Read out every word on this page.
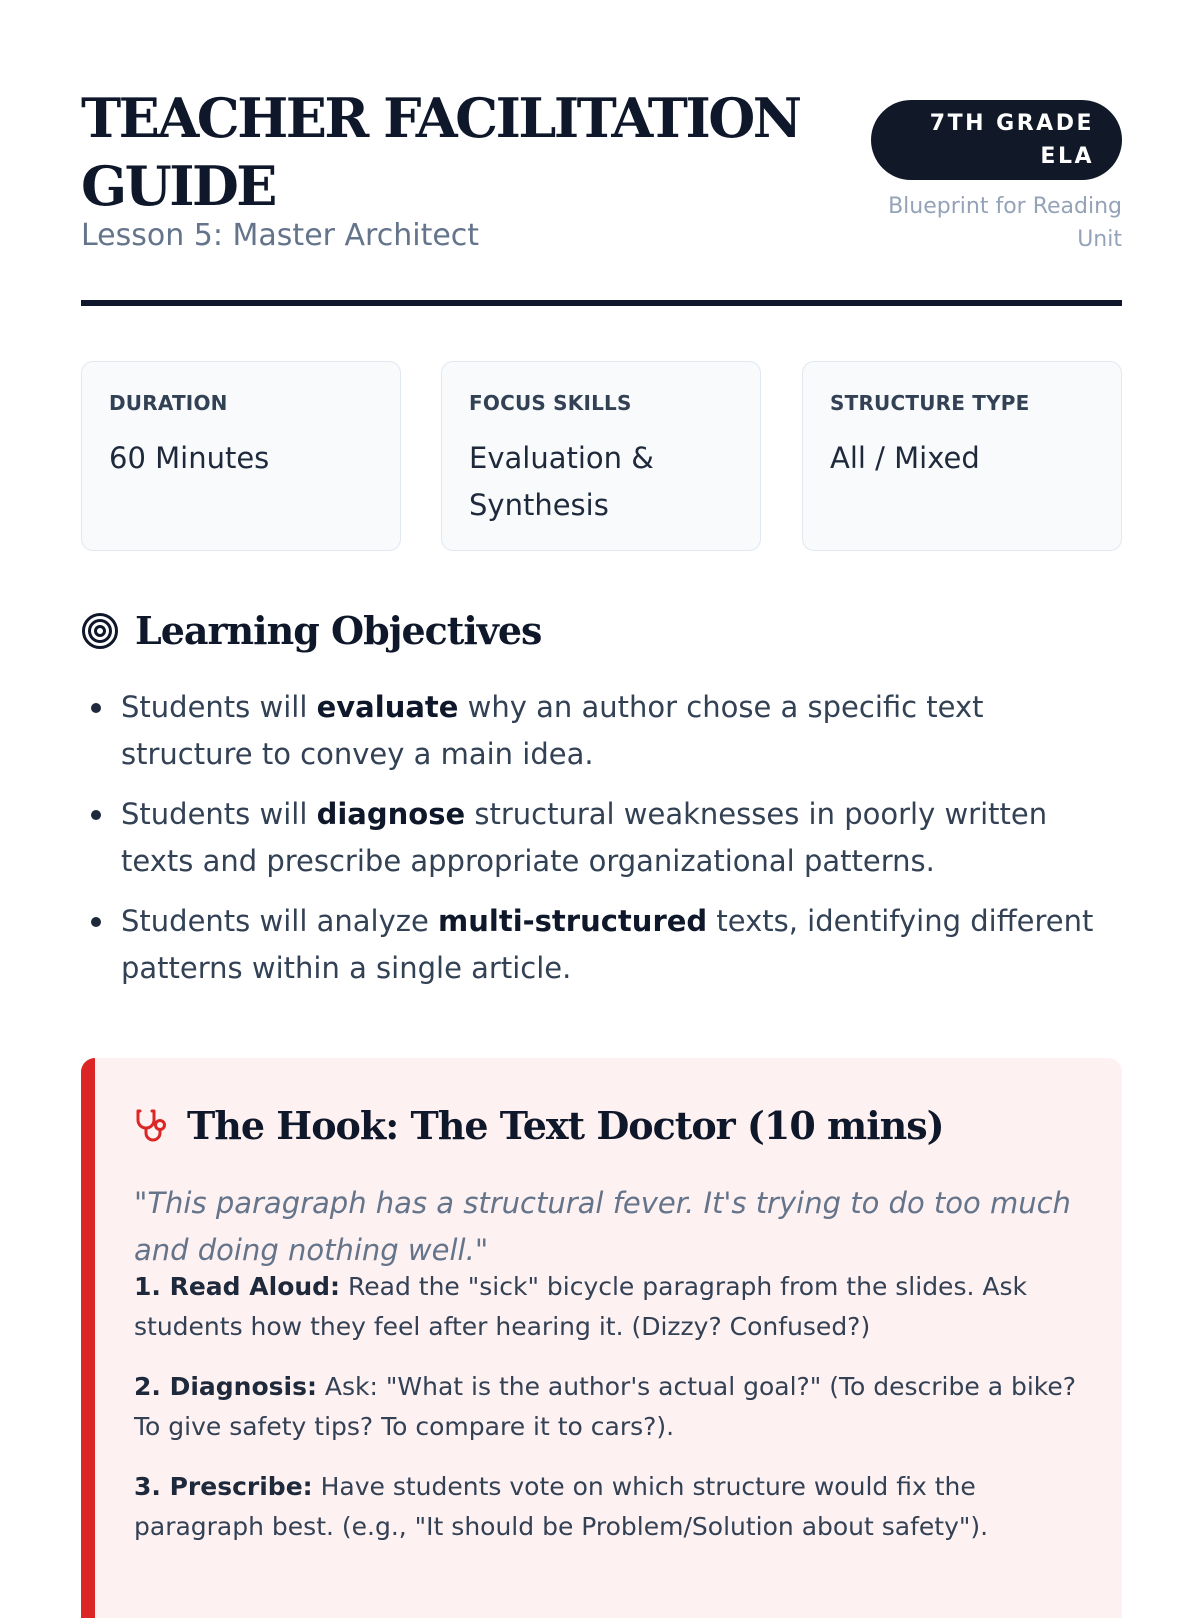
TEACHER FACILITATION GUIDE
Lesson 5: Master Architect
7TH GRADE ELA
Blueprint for Reading Unit
DURATION
60 Minutes
FOCUS SKILLS
Evaluation & Synthesis
STRUCTURE TYPE
All / Mixed
Learning Objectives
Students will evaluate why an author chose a specific text structure to convey a main idea.
Students will diagnose structural weaknesses in poorly written texts and prescribe appropriate organizational patterns.
Students will analyze multi-structured texts, identifying different patterns within a single article.
The Hook: The Text Doctor (10 mins)

"This paragraph has a structural fever. It's trying to do too much and doing nothing well."

1. Read Aloud: Read the "sick" bicycle paragraph from the slides. Ask students how they feel after hearing it. (Dizzy? Confused?)

2. Diagnosis: Ask: "What is the author's actual goal?" (To describe a bike? To give safety tips? To compare it to cars?).

3. Prescribe: Have students vote on which structure would fix the paragraph best. (e.g., "It should be Problem/Solution about safety").
